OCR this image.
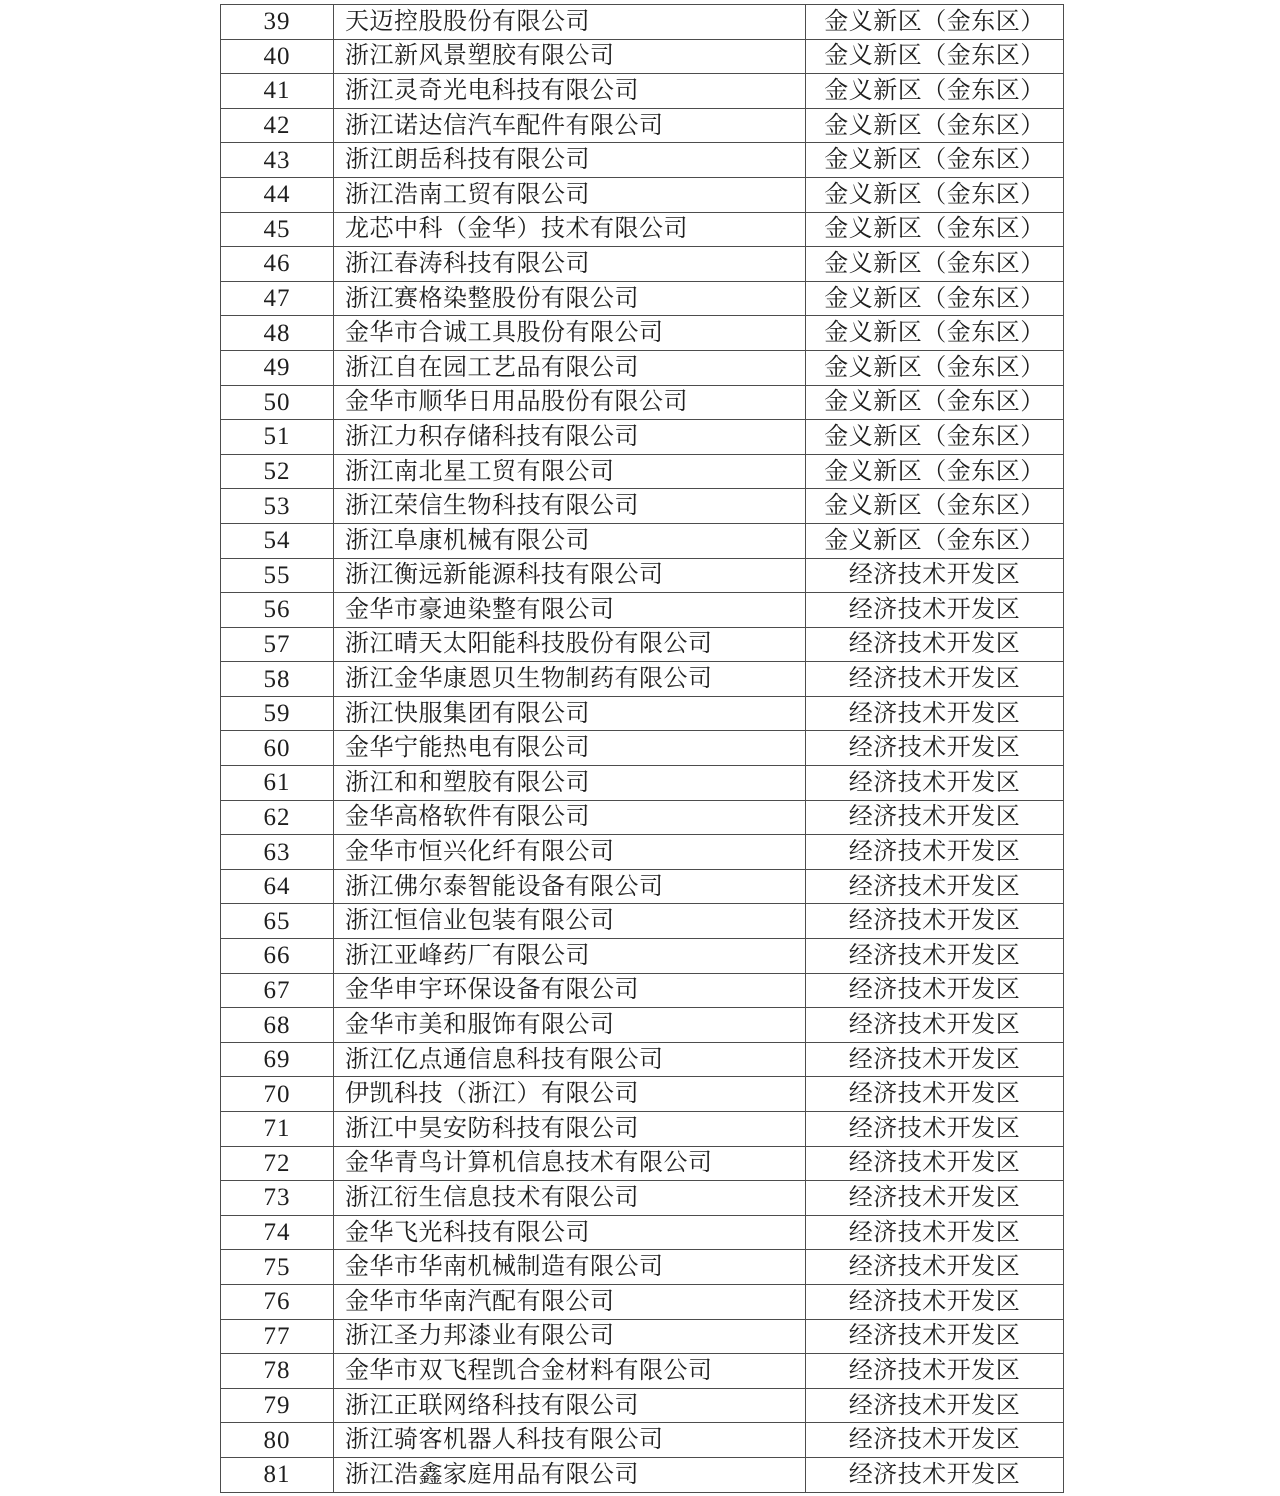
39	天迈控股股份有限公司	金义新区（金东区）
40	浙江新风景塑胶有限公司	金义新区（金东区）
41	浙江灵奇光电科技有限公司	金义新区（金东区）
42	浙江诺达信汽车配件有限公司	金义新区（金东区）
43	浙江朗岳科技有限公司	金义新区（金东区）
44	浙江浩南工贸有限公司	金义新区（金东区）
45	龙芯中科（金华）技术有限公司	金义新区（金东区）
46	浙江春涛科技有限公司	金义新区（金东区）
47	浙江赛格染整股份有限公司	金义新区（金东区）
48	金华市合诚工具股份有限公司	金义新区（金东区）
49	浙江自在园工艺品有限公司	金义新区（金东区）
50	金华市顺华日用品股份有限公司	金义新区（金东区）
51	浙江力积存储科技有限公司	金义新区（金东区）
52	浙江南北星工贸有限公司	金义新区（金东区）
53	浙江荣信生物科技有限公司	金义新区（金东区）
54	浙江阜康机械有限公司	金义新区（金东区）
55	浙江衡远新能源科技有限公司	经济技术开发区
56	金华市豪迪染整有限公司	经济技术开发区
57	浙江晴天太阳能科技股份有限公司	经济技术开发区
58	浙江金华康恩贝生物制药有限公司	经济技术开发区
59	浙江快服集团有限公司	经济技术开发区
60	金华宁能热电有限公司	经济技术开发区
61	浙江和和塑胶有限公司	经济技术开发区
62	金华高格软件有限公司	经济技术开发区
63	金华市恒兴化纤有限公司	经济技术开发区
64	浙江佛尔泰智能设备有限公司	经济技术开发区
65	浙江恒信业包装有限公司	经济技术开发区
66	浙江亚峰药厂有限公司	经济技术开发区
67	金华申宇环保设备有限公司	经济技术开发区
68	金华市美和服饰有限公司	经济技术开发区
69	浙江亿点通信息科技有限公司	经济技术开发区
70	伊凯科技（浙江）有限公司	经济技术开发区
71	浙江中昊安防科技有限公司	经济技术开发区
72	金华青鸟计算机信息技术有限公司	经济技术开发区
73	浙江衍生信息技术有限公司	经济技术开发区
74	金华飞光科技有限公司	经济技术开发区
75	金华市华南机械制造有限公司	经济技术开发区
76	金华市华南汽配有限公司	经济技术开发区
77	浙江圣力邦漆业有限公司	经济技术开发区
78	金华市双飞程凯合金材料有限公司	经济技术开发区
79	浙江正联网络科技有限公司	经济技术开发区
80	浙江骑客机器人科技有限公司	经济技术开发区
81	浙江浩鑫家庭用品有限公司	经济技术开发区
